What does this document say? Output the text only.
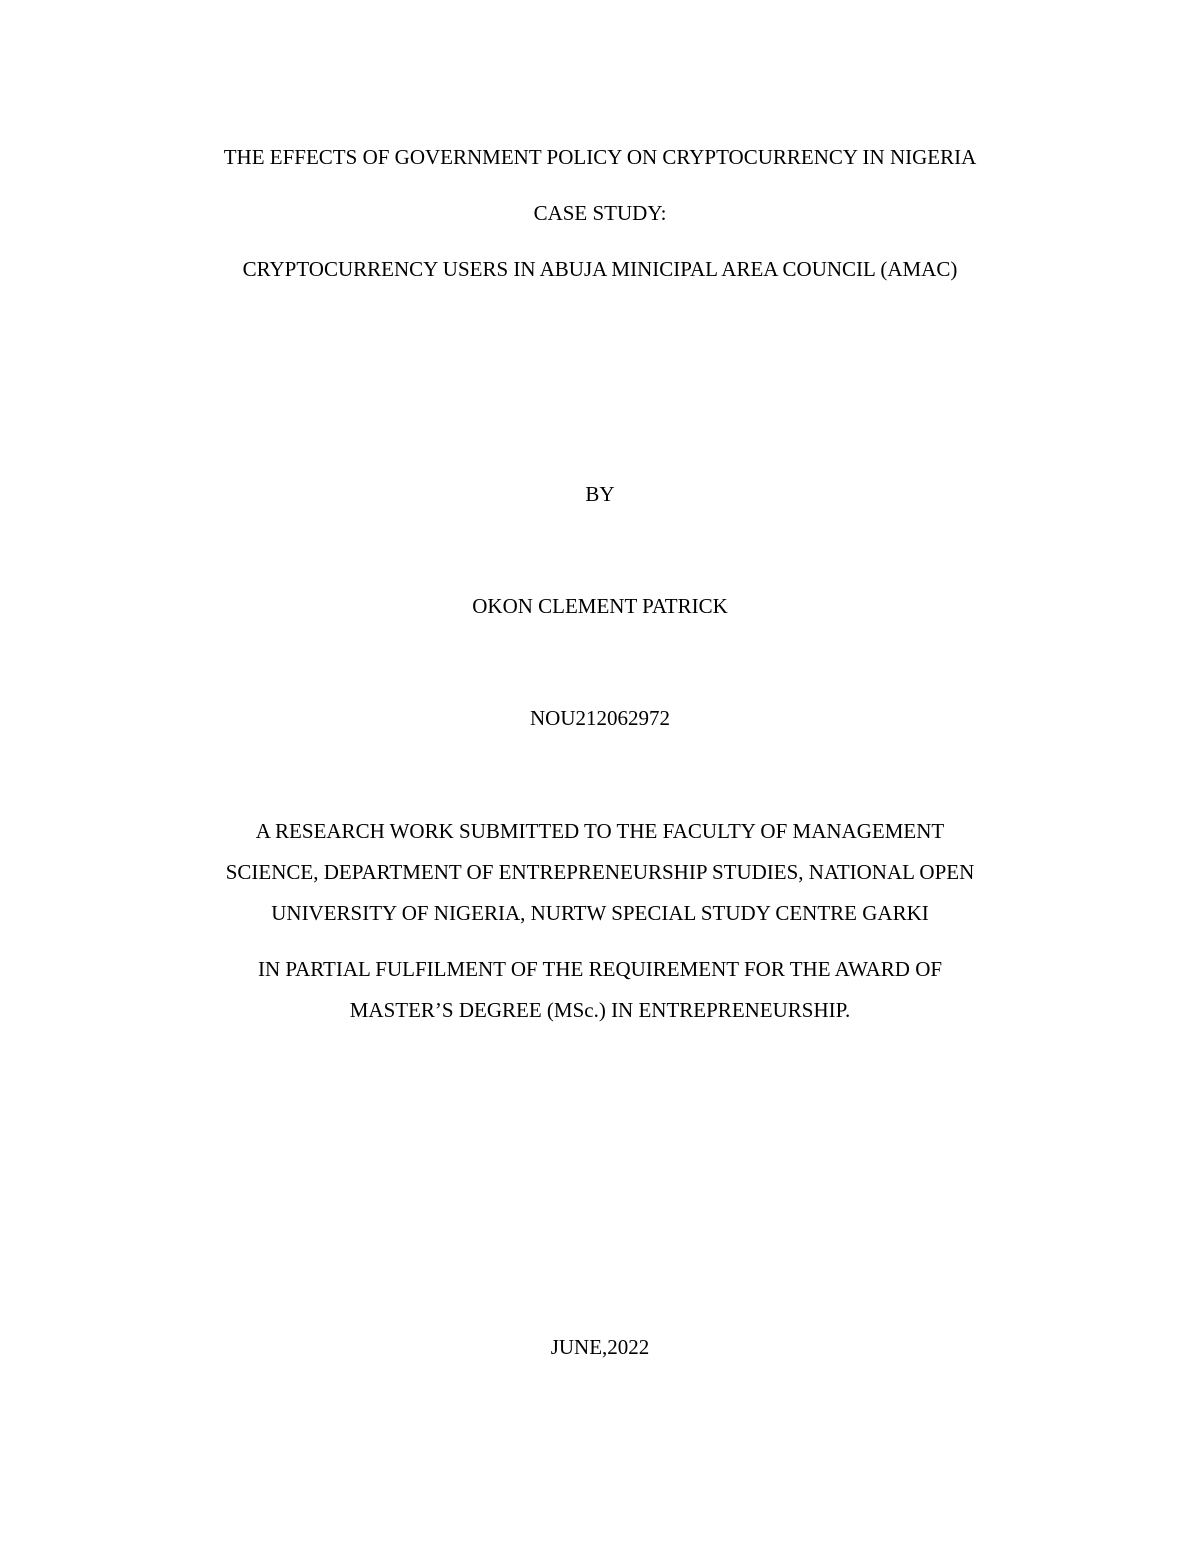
THE EFFECTS OF GOVERNMENT POLICY ON CRYPTOCURRENCY IN NIGERIA
CASE STUDY:
CRYPTOCURRENCY USERS IN ABUJA MINICIPAL AREA COUNCIL (AMAC)
BY
OKON CLEMENT PATRICK
NOU212062972
A RESEARCH WORK SUBMITTED TO THE FACULTY OF MANAGEMENT
SCIENCE, DEPARTMENT OF ENTREPRENEURSHIP STUDIES, NATIONAL OPEN
UNIVERSITY OF NIGERIA, NURTW SPECIAL STUDY CENTRE GARKI
IN PARTIAL FULFILMENT OF THE REQUIREMENT FOR THE AWARD OF
MASTER’S DEGREE (MSc.) IN ENTREPRENEURSHIP.
JUNE,2022
